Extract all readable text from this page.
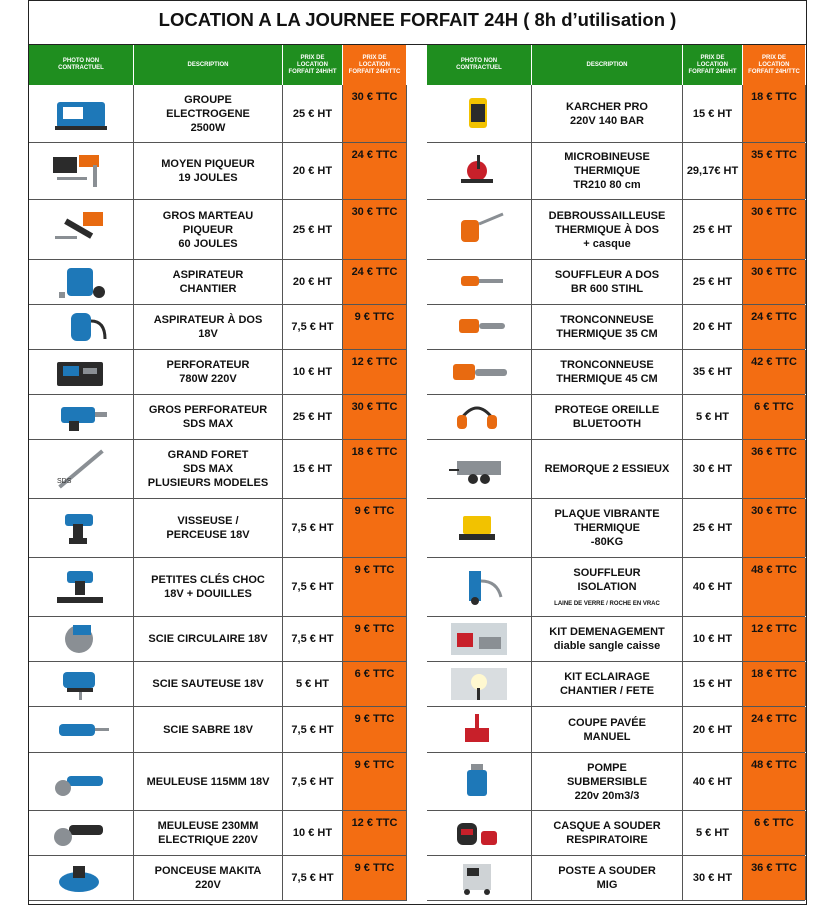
LOCATION A LA JOURNEE FORFAIT 24H ( 8h d’utilisation )
PHOTO NON
CONTRACTUEL
DESCRIPTION
PRIX DE
LOCATION
FORFAIT 24H/HT
PRIX DE
LOCATION
FORFAIT 24H/TTC
GROUPE
ELECTROGENE
2500W
25 € HT
30 € TTC
MOYEN PIQUEUR
19 JOULES
20 € HT
24 € TTC
GROS MARTEAU
PIQUEUR
60 JOULES
25 € HT
30 € TTC
ASPIRATEUR
CHANTIER
20 € HT
24 € TTC
ASPIRATEUR À DOS
18V
7,5 € HT
9 € TTC
PERFORATEUR
780W 220V
10 € HT
12 € TTC
GROS PERFORATEUR
SDS MAX
25 € HT
30 € TTC
SDS
GRAND FORET
SDS MAX
PLUSIEURS MODELES
15 € HT
18 € TTC
VISSEUSE /
PERCEUSE 18V
7,5 € HT
9 € TTC
PETITES CLÉS CHOC
18V + DOUILLES
7,5 € HT
9 € TTC
SCIE CIRCULAIRE 18V	7,5 € HT
9 € TTC
SCIE SAUTEUSE 18V	5 € HT
6 € TTC
SCIE SABRE 18V	7,5 € HT
9 € TTC
MEULEUSE 115MM 18V	7,5 € HT
9 € TTC
MEULEUSE 230MM
ELECTRIQUE 220V
10 € HT
12 € TTC
PONCEUSE MAKITA
220V
7,5 € HT
9 € TTC
PHOTO NON
CONTRACTUEL
DESCRIPTION
PRIX DE
LOCATION
FORFAIT 24H/HT
PRIX DE
LOCATION
FORFAIT 24H/TTC
KARCHER PRO
220V 140 BAR
15 € HT
18 € TTC
MICROBINEUSE
THERMIQUE
TR210 80 cm
29,17€ HT
35 € TTC
DEBROUSSAILLEUSE
THERMIQUE À DOS
+ casque
25 € HT
30 € TTC
SOUFFLEUR A DOS
BR 600 STIHL
25 € HT
30 € TTC
TRONCONNEUSE
THERMIQUE 35 CM
20 € HT
24 € TTC
TRONCONNEUSE
THERMIQUE 45 CM
35 € HT
42 € TTC
PROTEGE OREILLE
BLUETOOTH
5 € HT
6 € TTC
REMORQUE 2 ESSIEUX	30 € HT
36 € TTC
PLAQUE VIBRANTE
THERMIQUE
-80KG
25 € HT
30 € TTC
SOUFFLEUR
ISOLATION
LAINE DE VERRE / ROCHE EN VRAC
40 € HT
48 € TTC
KIT DEMENAGEMENT
diable sangle caisse
10 € HT
12 € TTC
KIT ECLAIRAGE
CHANTIER / FETE
15 € HT
18 € TTC
COUPE PAVÉE
MANUEL
20 € HT
24 € TTC
POMPE
SUBMERSIBLE
220v 20m3/3
40 € HT
48 € TTC
CASQUE A SOUDER
RESPIRATOIRE
5 € HT
6 € TTC
POSTE A SOUDER
MIG
30 € HT
36 € TTC
